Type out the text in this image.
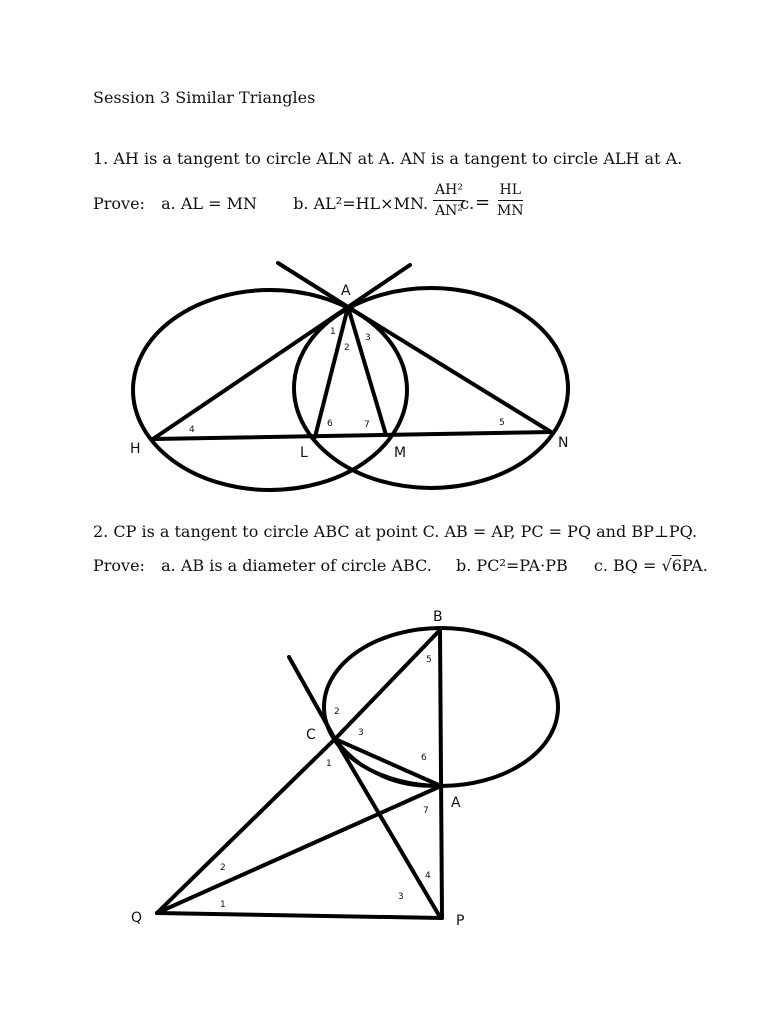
Session 3 Similar Triangles
1. AH is a tangent to circle ALN at A. AN is a tangent to circle ALH at A.
Prove: a. AL = MN b. AL²=HL×MN. c.
$\frac{\text{AH²}}{\text{AN²}} = \frac{HL}{MN}$
A
H	L	M
N
1
2
3
4
5
6	7
2. CP is a tangent to circle ABC at point C. AB = AP, PC = PQ and BP⊥PQ.
Prove: a. AB is a diameter of circle ABC. b. PC²=PA·PB c. BQ = √6PA.
B
C
A
Q	P
1
2
3
5
6
7
4
3
2
1
